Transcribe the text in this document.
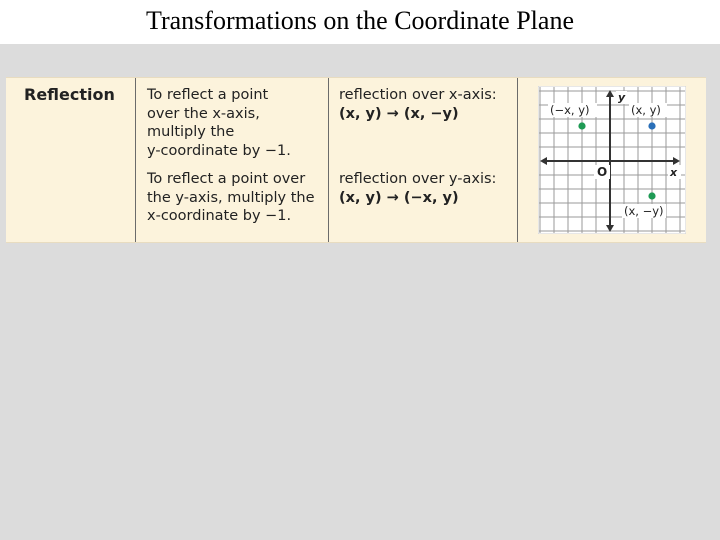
Transformations on the Coordinate Plane
Reflection To reflect a point
over the x-axis,
multiply the
y-coordinate by −1.
To reflect a point over
the y-axis, multiply the
x-coordinate by −1.
reflection over x-axis:
(x, y) → (x, −y)
reflection over y-axis:
(x, y) → (−x, y)
(−x, y)	(x, y)
(x, −y)
O	x
y
